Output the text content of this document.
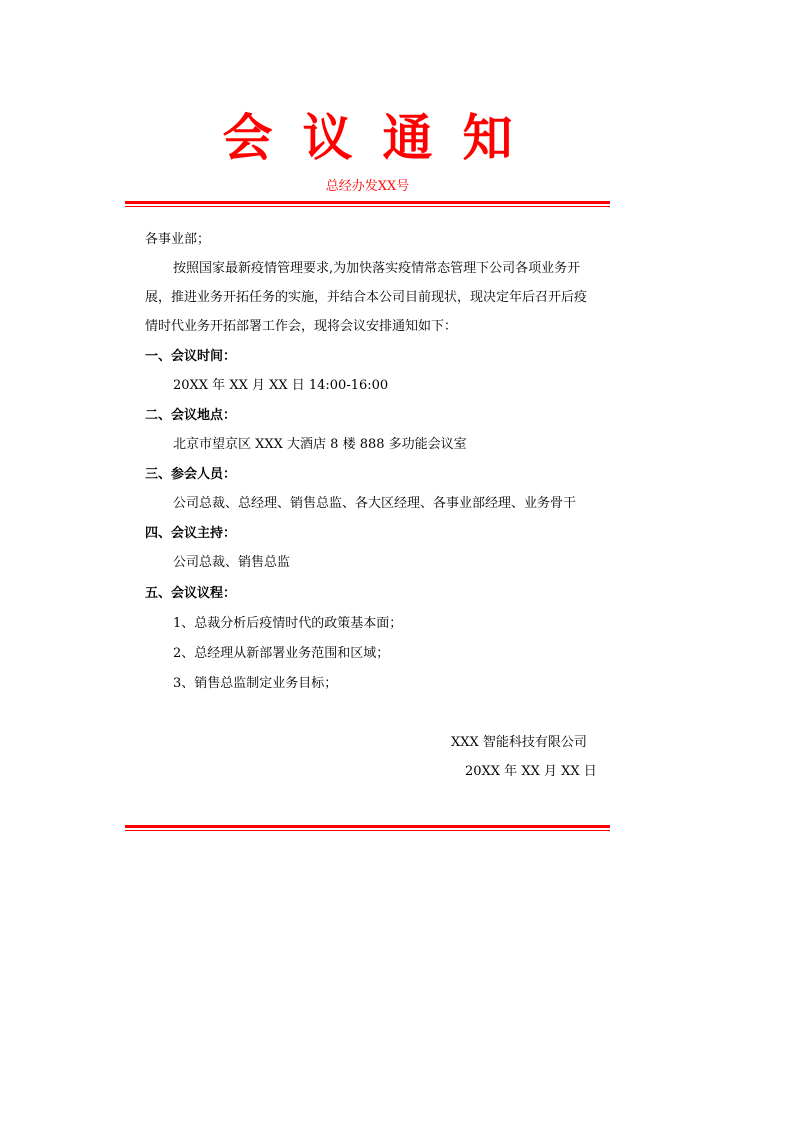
会议通知
总经办发XX号
各事业部；
按照国家最新疫情管理要求,为加快落实疫情常态管理下公司各项业务开
展，推进业务开拓任务的实施，并结合本公司目前现状，现决定年后召开后疫
情时代业务开拓部署工作会，现将会议安排通知如下：
一、会议时间：
20XX 年 XX 月 XX 日 14:00-16:00
二、会议地点：
北京市望京区 XXX 大酒店 8 楼 888 多功能会议室
三、参会人员：
公司总裁、总经理、销售总监、各大区经理、各事业部经理、业务骨干
四、会议主持：
公司总裁、销售总监
五、会议议程：
1、总裁分析后疫情时代的政策基本面；
2、总经理从新部署业务范围和区域；
3、销售总监制定业务目标；
XXX 智能科技有限公司
20XX 年 XX 月 XX 日
